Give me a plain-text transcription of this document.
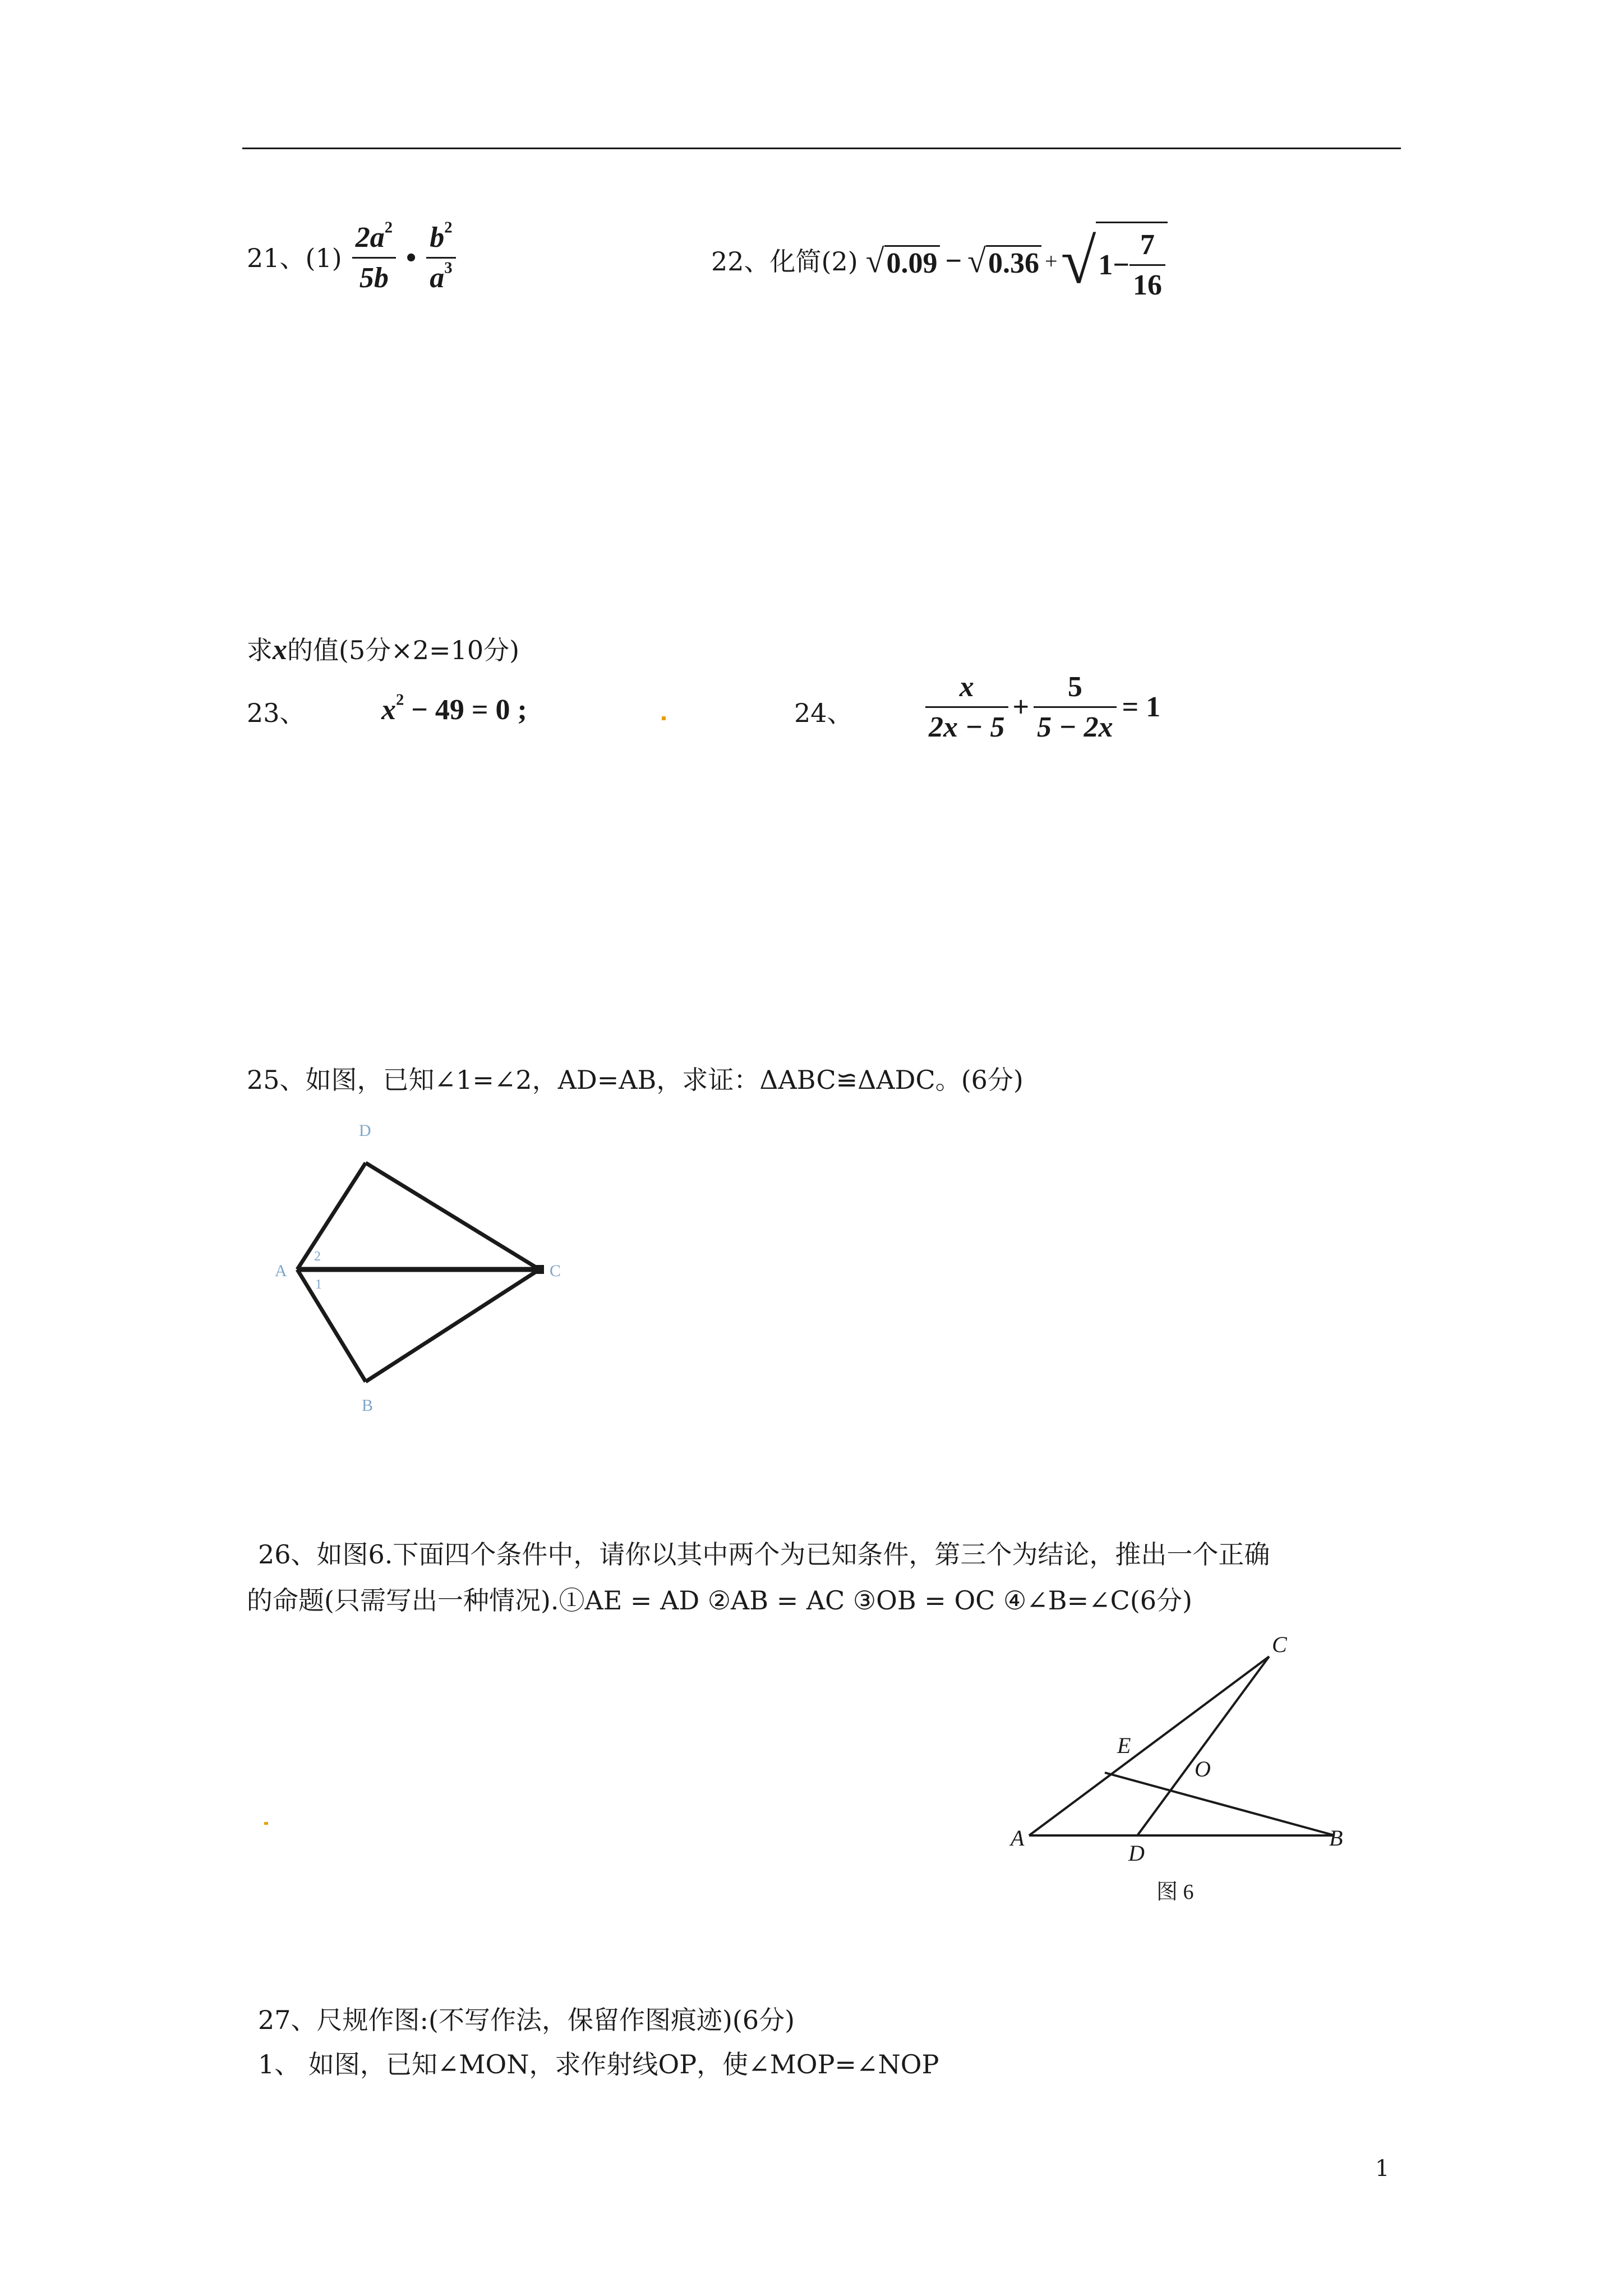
21、$(1) \frac{2a^2}{5b}$ • $\frac{b^2}{a^3}$	22、化简(2) √ 0.09 − √ 0.36 + √ $1- \frac{7}{16}$
求x的值(5分×2=10分)
23、	$x^2 - 49 = 0$ ;	24、 $\frac{x}{2x - 5} + \frac{5}{5 - 2x} = 1$
25、如图，已知∠1=∠2，AD=AB，求证：ΔABC≌ΔADC。(6分)
D
A	C
B
2
1
26、如图6.下面四个条件中，请你以其中两个为已知条件，第三个为结论，推出一个正确
的命题(只需写出一种情况).①AE = AD ②AB = AC ③OB = OC ④∠B=∠C(6分)
C
E
O
A
D
B
图 6
27、尺规作图:(不写作法，保留作图痕迹)(6分)
1、 如图，已知∠MON，求作射线OP，使∠MOP=∠NOP
1
